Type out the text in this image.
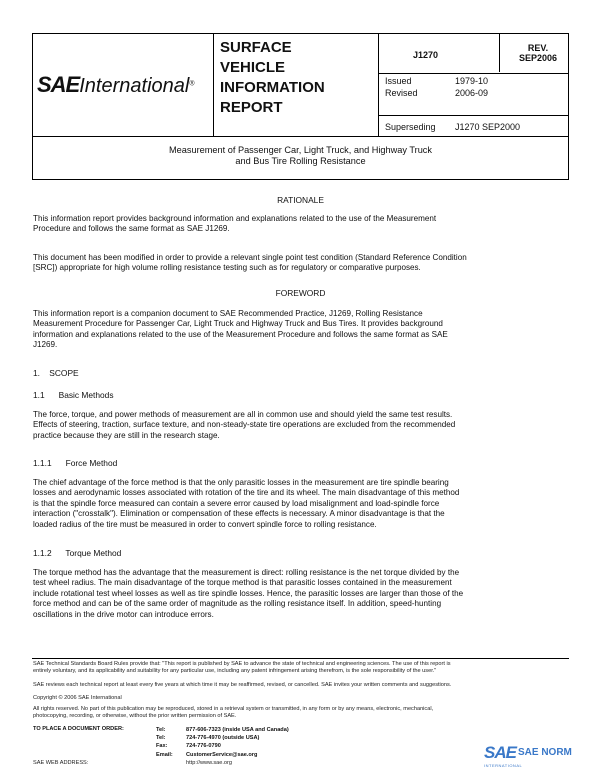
SAEInternational®
SURFACE
VEHICLE
INFORMATION
REPORT
J1270
REV.
SEP2006
Issued	1979-10
Revised	2006-09
Superseding J1270 SEP2000
Measurement of Passenger Car, Light Truck, and Highway Truck
and Bus Tire Rolling Resistance
RATIONALE
This information report provides background information and explanations related to the use of the Measurement
Procedure and follows the same format as SAE J1269.
This document has been modified in order to provide a relevant single point test condition (Standard Reference Condition
[SRC]) appropriate for high volume rolling resistance testing such as for regulatory or comparative purposes.
FOREWORD
This information report is a companion document to SAE Recommended Practice, J1269, Rolling Resistance
Measurement Procedure for Passenger Car, Light Truck and Highway Truck and Bus Tires. It provides background
information and explanations related to the use of the Measurement Procedure and follows the same format as SAE
J1269.
1.    SCOPE
1.1      Basic Methods
The force, torque, and power methods of measurement are all in common use and should yield the same test results.
Effects of steering, traction, surface texture, and non-steady-state tire operations are excluded from the recommended
practice because they are still in the research stage.
1.1.1      Force Method
The chief advantage of the force method is that the only parasitic losses in the measurement are tire spindle bearing
losses and aerodynamic losses associated with rotation of the tire and its wheel. The main disadvantage of this method
is that the spindle force measured can contain a severe error caused by load misalignment and load-spindle force
interaction ("crosstalk"). Elimination or compensation of these effects is necessary. A minor disadvantage is that the
loaded radius of the tire must be measured in order to convert spindle force to rolling resistance.
1.1.2      Torque Method
The torque method has the advantage that the measurement is direct: rolling resistance is the net torque divided by the
test wheel radius. The main disadvantage of the torque method is that parasitic losses contained in the measurement
include rotational test wheel losses as well as tire spindle losses. Hence, the parasitic losses are larger than those of the
force method and can be of the same order of magnitude as the rolling resistance itself. In addition, speed-hunting
oscillations in the drive motor can introduce errors.
SAE Technical Standards Board Rules provide that: "This report is published by SAE to advance the state of technical and engineering sciences. The use of this report is
entirely voluntary, and its applicability and suitability for any particular use, including any patent infringement arising therefrom, is the sole responsibility of the user."
SAE reviews each technical report at least every five years at which time it may be reaffirmed, revised, or cancelled. SAE invites your written comments and suggestions.
Copyright © 2006 SAE International
All rights reserved. No part of this publication may be reproduced, stored in a retrieval system or transmitted, in any form or by any means, electronic, mechanical,
photocopying, recording, or otherwise, without the prior written permission of SAE.
TO PLACE A DOCUMENT ORDER:
SAE WEB ADDRESS:
Tel:
Tel:
Fax:
Email:
877-606-7323 (inside USA and Canada)
724-776-4970 (outside USA)
724-776-0790
CustomerService@sae.org
http://www.sae.org
SAE SAE NORM
INTERNATIONAL
